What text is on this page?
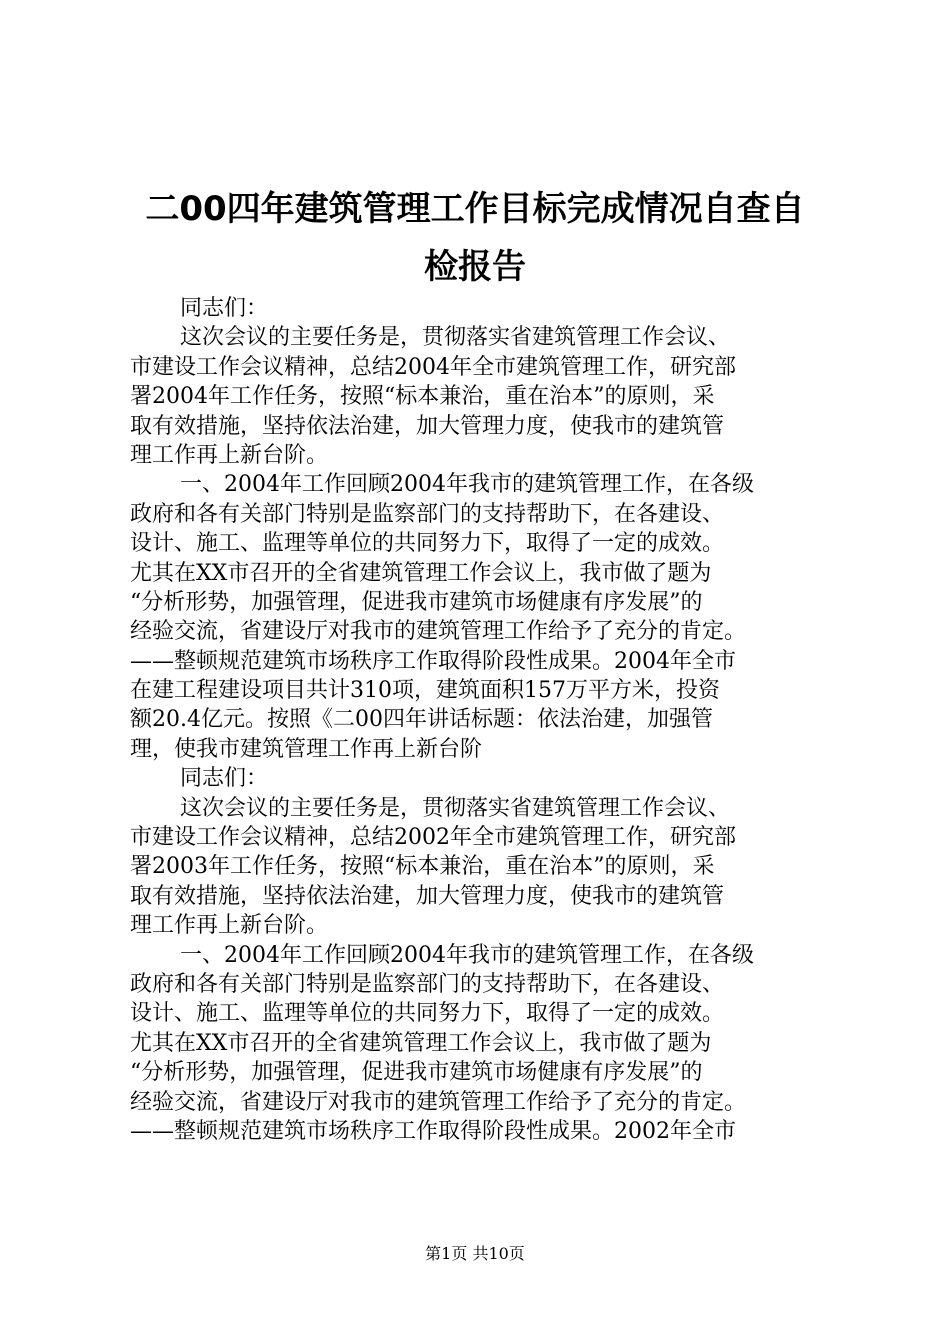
二00四年建筑管理工作目标完成情况自查自
检报告
同志们：
这次会议的主要任务是，贯彻落实省建筑管理工作会议、
市建设工作会议精神，总结2004年全市建筑管理工作，研究部
署2004年工作任务，按照“标本兼治，重在治本”的原则，采
取有效措施，坚持依法治建，加大管理力度，使我市的建筑管
理工作再上新台阶。
一、2004年工作回顾2004年我市的建筑管理工作，在各级
政府和各有关部门特别是监察部门的支持帮助下，在各建设、
设计、施工、监理等单位的共同努力下，取得了一定的成效。
尤其在XX市召开的全省建筑管理工作会议上，我市做了题为
“分析形势，加强管理，促进我市建筑市场健康有序发展”的
经验交流，省建设厅对我市的建筑管理工作给予了充分的肯定。
——整顿规范建筑市场秩序工作取得阶段性成果。2004年全市
在建工程建设项目共计310项，建筑面积157万平方米，投资
额20.4亿元。按照《二00四年讲话标题：依法治建，加强管
理，使我市建筑管理工作再上新台阶
同志们：
这次会议的主要任务是，贯彻落实省建筑管理工作会议、
市建设工作会议精神，总结2002年全市建筑管理工作，研究部
署2003年工作任务，按照“标本兼治，重在治本”的原则，采
取有效措施，坚持依法治建，加大管理力度，使我市的建筑管
理工作再上新台阶。
一、2004年工作回顾2004年我市的建筑管理工作，在各级
政府和各有关部门特别是监察部门的支持帮助下，在各建设、
设计、施工、监理等单位的共同努力下，取得了一定的成效。
尤其在XX市召开的全省建筑管理工作会议上，我市做了题为
“分析形势，加强管理，促进我市建筑市场健康有序发展”的
经验交流，省建设厅对我市的建筑管理工作给予了充分的肯定。
——整顿规范建筑市场秩序工作取得阶段性成果。2002年全市
第1页 共10页
